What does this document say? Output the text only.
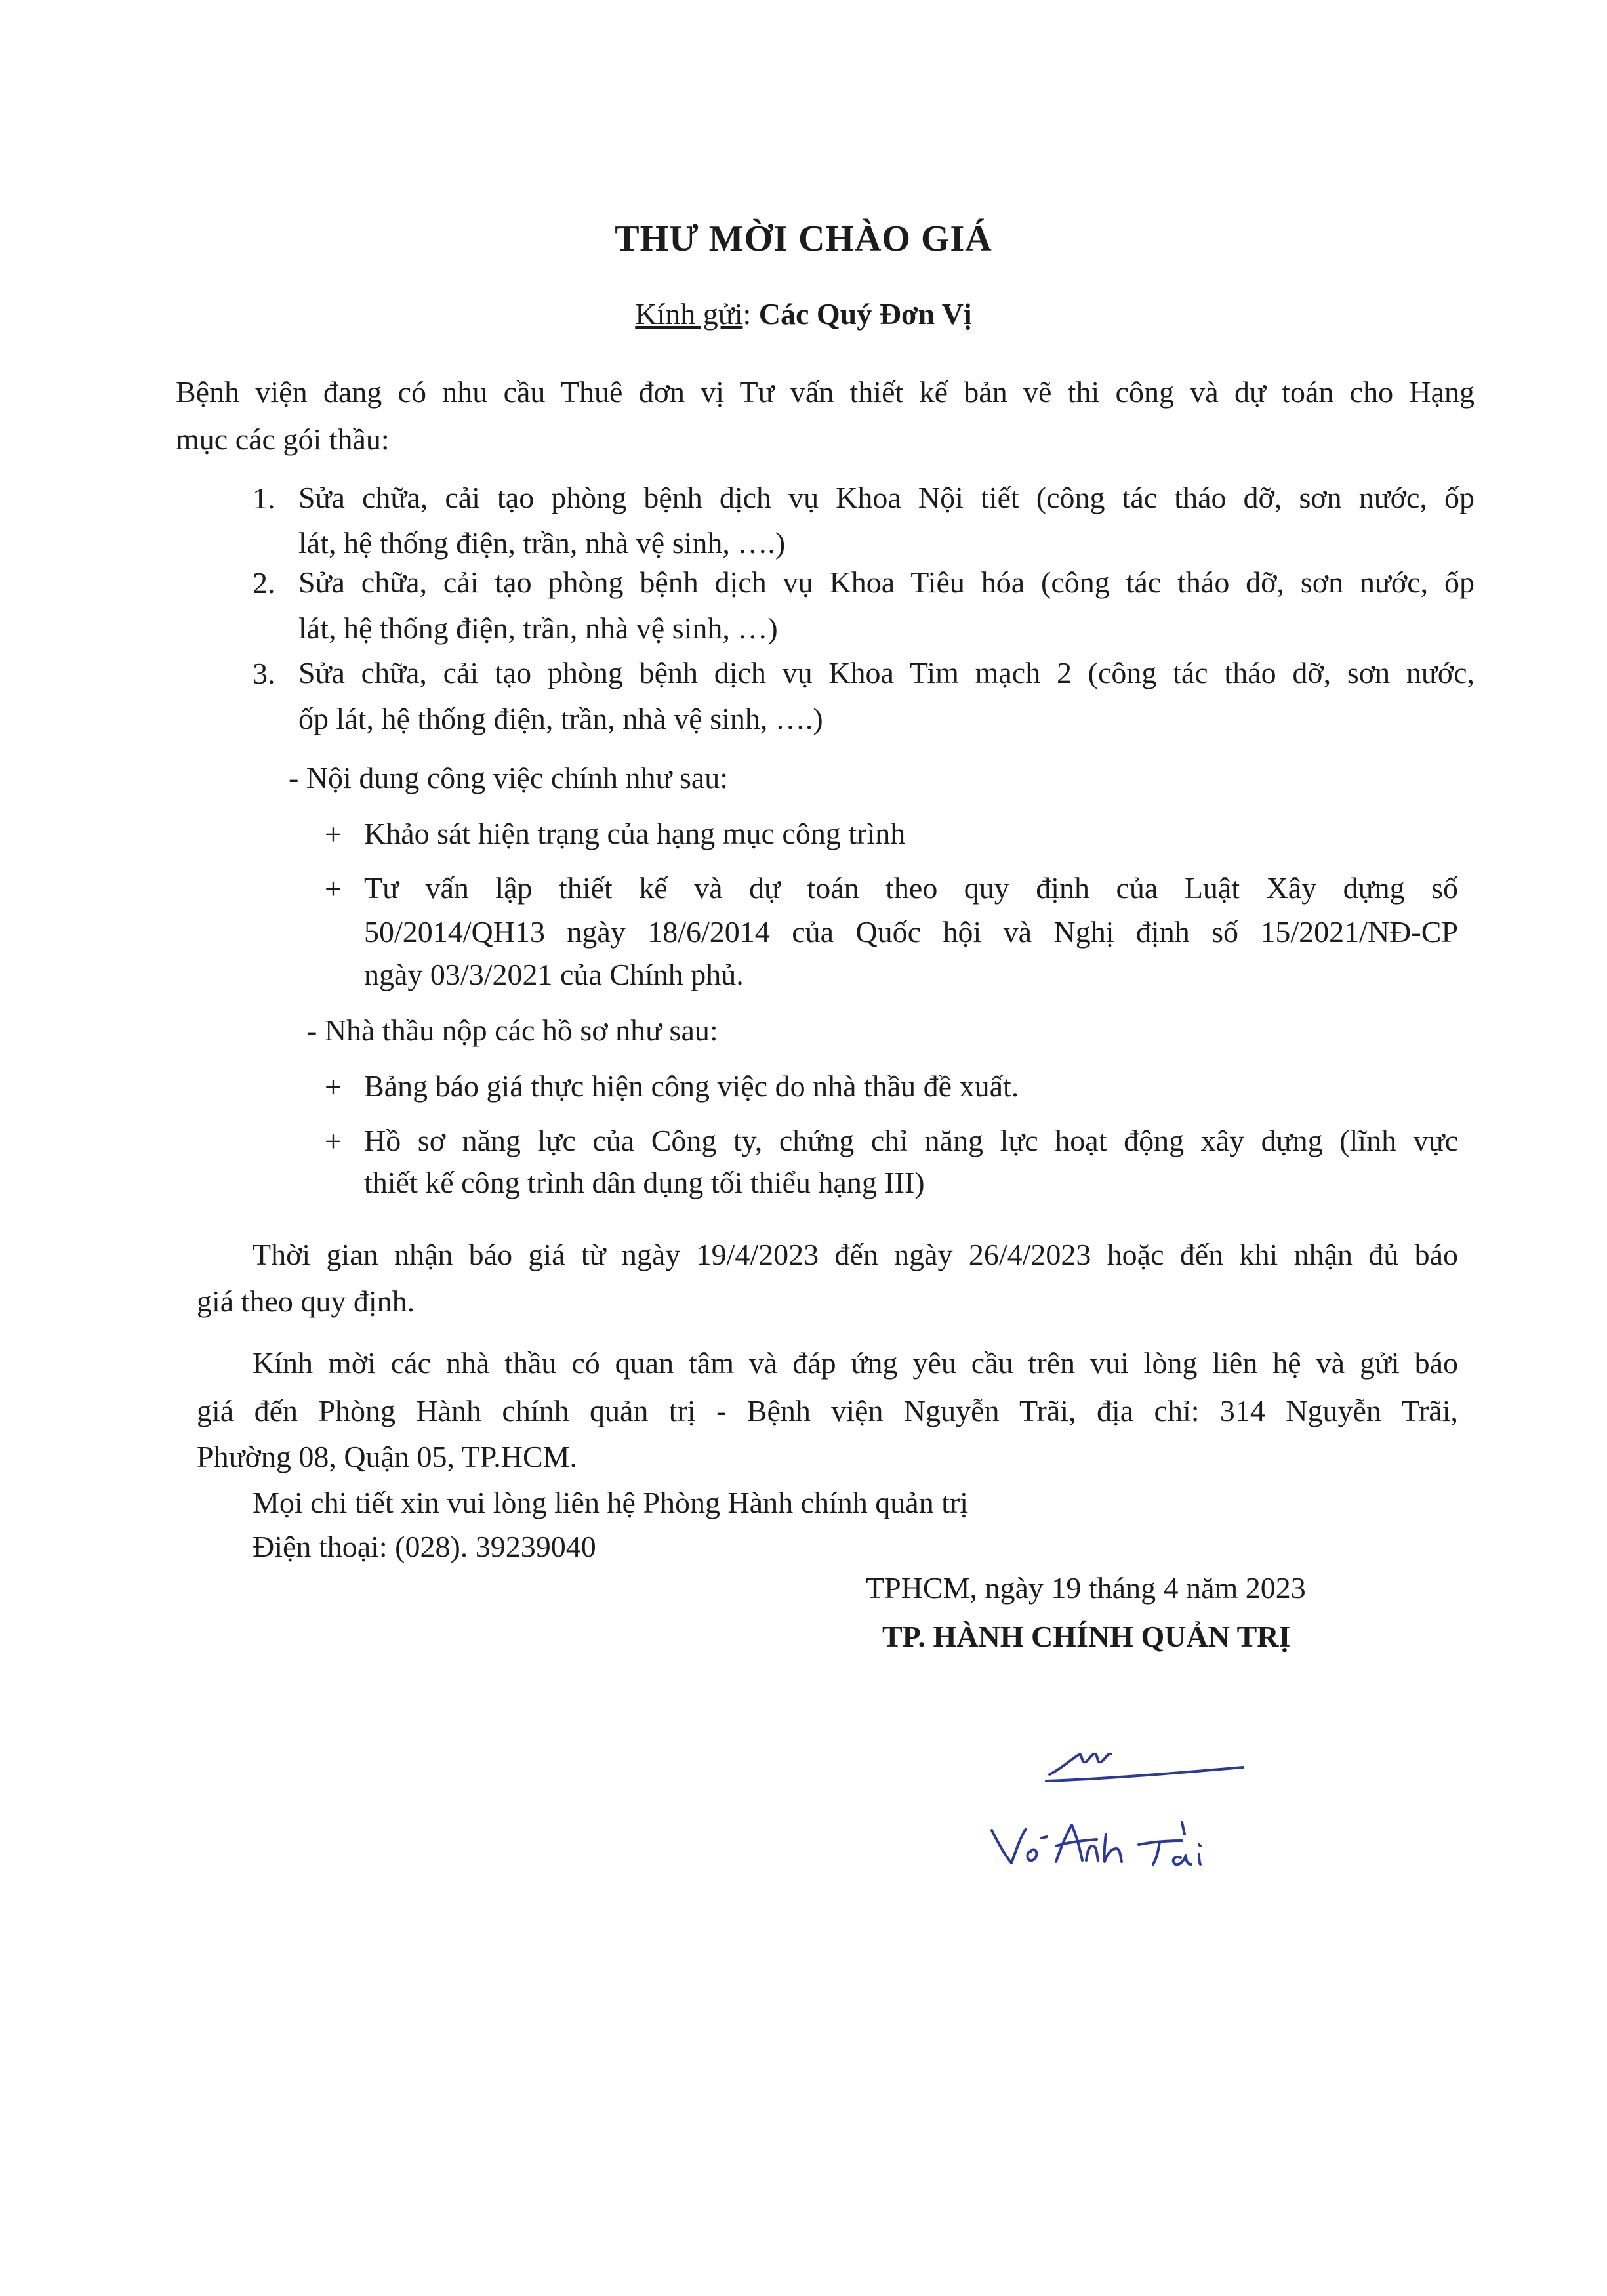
THƯ MỜI CHÀO GIÁ
Kính gửi: Các Quý Đơn Vị
Bệnh viện đang có nhu cầu Thuê đơn vị Tư vấn thiết kế bản vẽ thi công và dự toán cho Hạng
mục các gói thầu:
1. Sửa chữa, cải tạo phòng bệnh dịch vụ Khoa Nội tiết (công tác tháo dỡ, sơn nước, ốp
lát, hệ thống điện, trần, nhà vệ sinh, ….)
2. Sửa chữa, cải tạo phòng bệnh dịch vụ Khoa Tiêu hóa (công tác tháo dỡ, sơn nước, ốp
lát, hệ thống điện, trần, nhà vệ sinh, …)
3. Sửa chữa, cải tạo phòng bệnh dịch vụ Khoa Tim mạch 2 (công tác tháo dỡ, sơn nước,
ốp lát, hệ thống điện, trần, nhà vệ sinh, ….)
- Nội dung công việc chính như sau:
+ Khảo sát hiện trạng của hạng mục công trình
+ Tư vấn lập thiết kế và dự toán theo quy định của Luật Xây dựng số
50/2014/QH13 ngày 18/6/2014 của Quốc hội và Nghị định số 15/2021/NĐ-CP
ngày 03/3/2021 của Chính phủ.
- Nhà thầu nộp các hồ sơ như sau:
+ Bảng báo giá thực hiện công việc do nhà thầu đề xuất.
+ Hồ sơ năng lực của Công ty, chứng chỉ năng lực hoạt động xây dựng (lĩnh vực
thiết kế công trình dân dụng tối thiểu hạng III)
Thời gian nhận báo giá từ ngày 19/4/2023 đến ngày 26/4/2023 hoặc đến khi nhận đủ báo
giá theo quy định.
Kính mời các nhà thầu có quan tâm và đáp ứng yêu cầu trên vui lòng liên hệ và gửi báo
giá đến Phòng Hành chính quản trị - Bệnh viện Nguyễn Trãi, địa chỉ: 314 Nguyễn Trãi,
Phường 08, Quận 05, TP.HCM.
Mọi chi tiết xin vui lòng liên hệ Phòng Hành chính quản trị
Điện thoại: (028). 39239040
TPHCM, ngày 19 tháng 4 năm 2023
TP. HÀNH CHÍNH QUẢN TRỊ
